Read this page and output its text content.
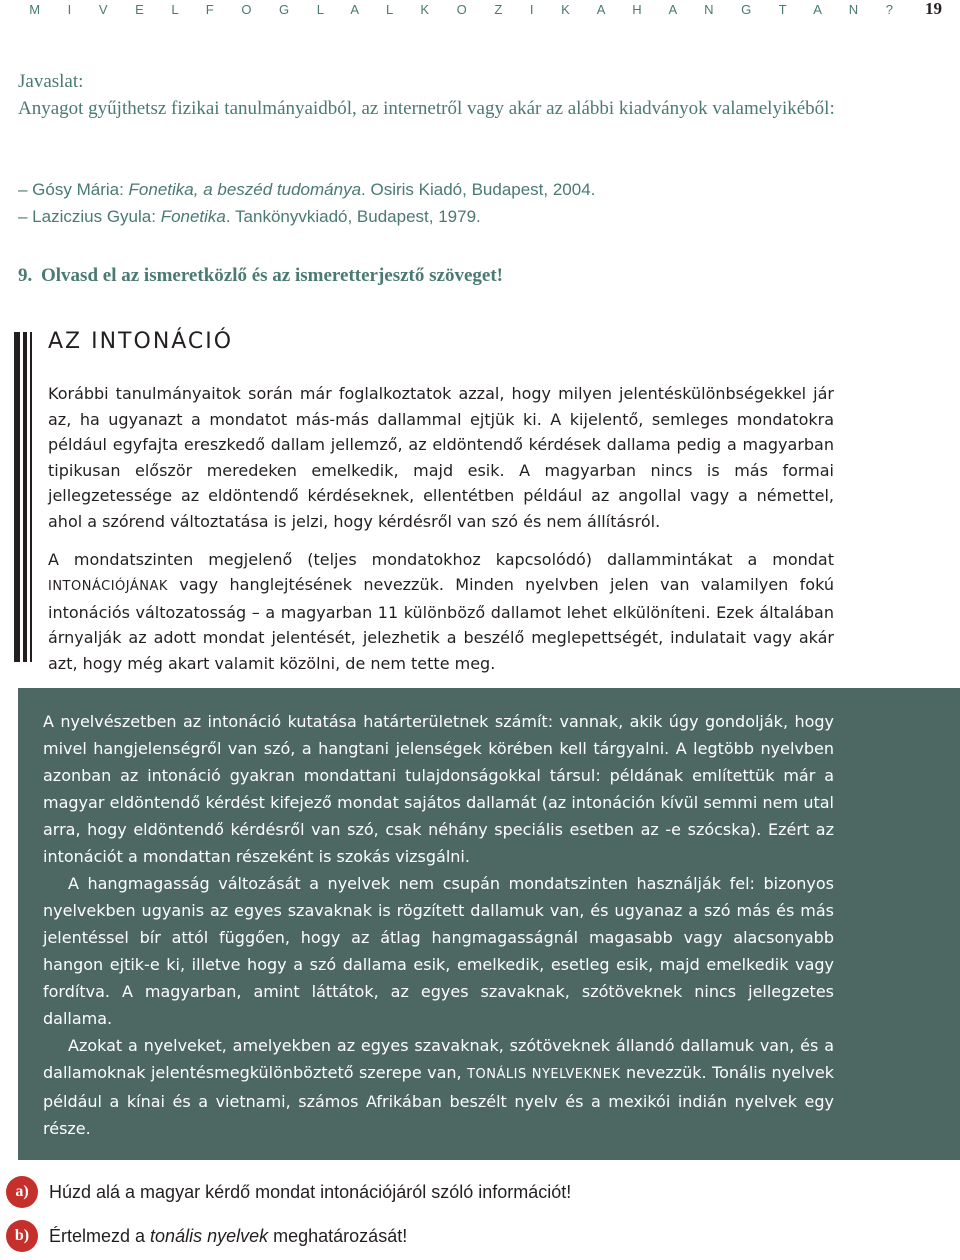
M I V E L F O G L A L K O Z I K A H A N G T A N ? 19
Javaslat:
Anyagot gyűjthetsz fizikai tanulmányaidból, az internetről vagy akár az alábbi kiadványok valamelyikéből:
– Gósy Mária: Fonetika, a beszéd tudománya. Osiris Kiadó, Budapest, 2004.
– Laziczius Gyula: Fonetika. Tankönyvkiadó, Budapest, 1979.
9. Olvasd el az ismeretközlő és az ismeretterjesztő szöveget!
AZ INTONÁCIÓ

Korábbi tanulmányaitok során már foglalkoztatok azzal, hogy milyen jelentéskülönbségekkel jár az, ha ugyanazt a mondatot más-más dallammal ejtjük ki. A kijelentő, semleges mondatokra például egyfajta ereszkedő dallam jellemző, az eldöntendő kérdések dallama pedig a magyarban tipikusan először meredeken emelkedik, majd esik. A magyarban nincs is más formai jellegzetessége az eldöntendő kérdéseknek, ellentétben például az angollal vagy a némettel, ahol a szórend változtatása is jelzi, hogy kérdésről van szó és nem állításról.

A mondatszinten megjelenő (teljes mondatokhoz kapcsolódó) dallammintákat a mondat INTONÁCIÓJÁNAK vagy hanglejtésének nevezzük. Minden nyelvben jelen van valamilyen fokú intonációs változatosság – a magyarban 11 különböző dallamot lehet elkülöníteni. Ezek általában árnyalják az adott mondat jelentését, jelezhetik a beszélő meglepettségét, indulatait vagy akár azt, hogy még akart valamit közölni, de nem tette meg.

A nyelvészetben az intonáció kutatása határterületnek számít: vannak, akik úgy gondolják, hogy mivel hangjelenségről van szó, a hangtani jelenségek körében kell tárgyalni. A legtöbb nyelvben azonban az intonáció gyakran mondattani tulajdonságokkal társul: példának említettük már a magyar eldöntendő kérdést kifejező mondat sajátos dallamát (az intonáción kívül semmi nem utal arra, hogy eldöntendő kérdésről van szó, csak néhány speciális esetben az -e szócska). Ezért az intonációt a mondattan részeként is szokás vizsgálni.

A hangmagasság változását a nyelvek nem csupán mondatszinten használják fel: bizonyos nyelvekben ugyanis az egyes szavaknak is rögzített dallamuk van, és ugyanaz a szó más és más jelentéssel bír attól függően, hogy az átlag hangmagasságnál magasabb vagy alacsonyabb hangon ejtik-e ki, illetve hogy a szó dallama esik, emelkedik, esetleg esik, majd emelkedik vagy fordítva. A magyarban, amint láttátok, az egyes szavaknak, szótöveknek nincs jellegzetes dallama.

Azokat a nyelveket, amelyekben az egyes szavaknak, szótöveknek állandó dallamuk van, és a dallamoknak jelentésmegkülönböztető szerepe van, TONÁLIS NYELVEKNEK nevezzük. Tonális nyelvek például a kínai és a vietnami, számos Afrikában beszélt nyelv és a mexikói indián nyelvek egy része.

a)	Húzd alá a magyar kérdő mondat intonációjáról szóló információt!
b)	Értelmezd a tonális nyelvek meghatározását!
